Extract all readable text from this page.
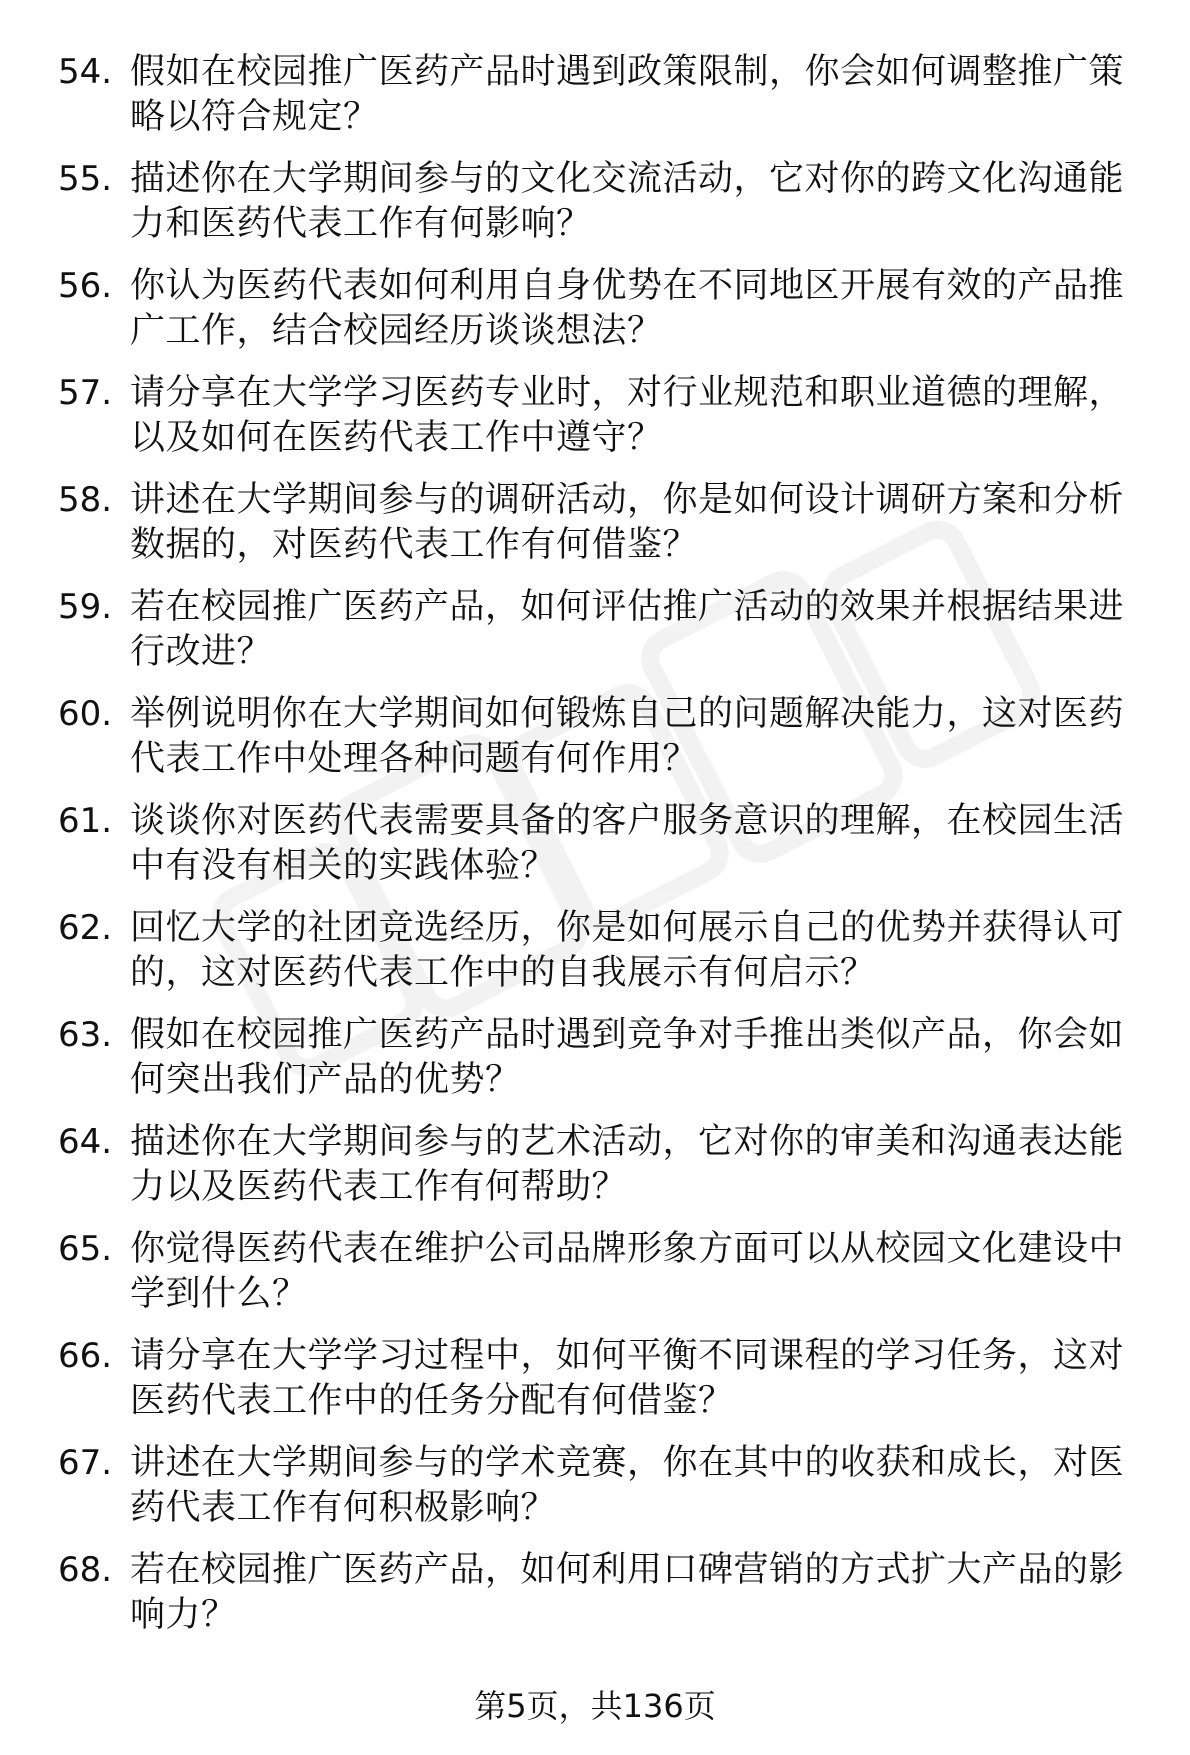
54. 假如在校园推广医药产品时遇到政策限制，你会如何调整推广策略以符合规定？
55. 描述你在大学期间参与的文化交流活动，它对你的跨文化沟通能力和医药代表工作有何影响？
56. 你认为医药代表如何利用自身优势在不同地区开展有效的产品推广工作，结合校园经历谈谈想法？
57. 请分享在大学学习医药专业时，对行业规范和职业道德的理解，以及如何在医药代表工作中遵守？
58. 讲述在大学期间参与的调研活动，你是如何设计调研方案和分析数据的，对医药代表工作有何借鉴？
59. 若在校园推广医药产品，如何评估推广活动的效果并根据结果进行改进？
60. 举例说明你在大学期间如何锻炼自己的问题解决能力，这对医药代表工作中处理各种问题有何作用？
61. 谈谈你对医药代表需要具备的客户服务意识的理解，在校园生活中有没有相关的实践体验？
62. 回忆大学的社团竞选经历，你是如何展示自己的优势并获得认可的，这对医药代表工作中的自我展示有何启示？
63. 假如在校园推广医药产品时遇到竞争对手推出类似产品，你会如何突出我们产品的优势？
64. 描述你在大学期间参与的艺术活动，它对你的审美和沟通表达能力以及医药代表工作有何帮助？
65. 你觉得医药代表在维护公司品牌形象方面可以从校园文化建设中学到什么？
66. 请分享在大学学习过程中，如何平衡不同课程的学习任务，这对医药代表工作中的任务分配有何借鉴？
67. 讲述在大学期间参与的学术竞赛，你在其中的收获和成长，对医药代表工作有何积极影响？
68. 若在校园推广医药产品，如何利用口碑营销的方式扩大产品的影响力？
第5页，共136页
